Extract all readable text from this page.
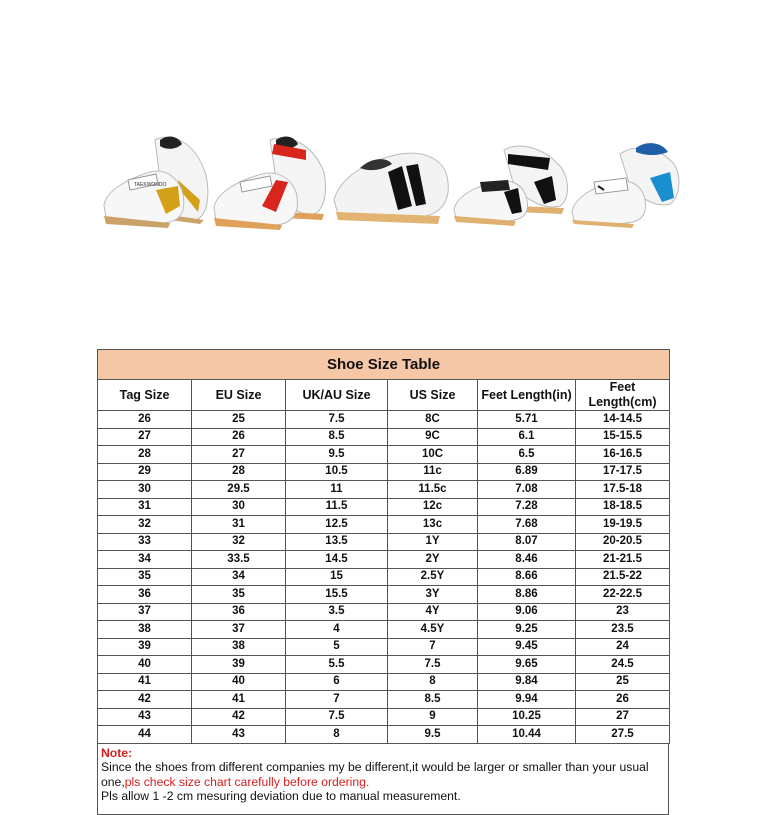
TAEKWONDO
Shoe Size Table					
Tag Size	EU Size	UK/AU Size	US Size	Feet Length(in)	Feet Length(cm)
26	25	7.5	8C	5.71	14-14.5
27	26	8.5	9C	6.1	15-15.5
28	27	9.5	10C	6.5	16-16.5
29	28	10.5	11c	6.89	17-17.5
30	29.5	11	11.5c	7.08	17.5-18
31	30	11.5	12c	7.28	18-18.5
32	31	12.5	13c	7.68	19-19.5
33	32	13.5	1Y	8.07	20-20.5
34	33.5	14.5	2Y	8.46	21-21.5
35	34	15	2.5Y	8.66	21.5-22
36	35	15.5	3Y	8.86	22-22.5
37	36	3.5	4Y	9.06	23
38	37	4	4.5Y	9.25	23.5
39	38	5	7	9.45	24
40	39	5.5	7.5	9.65	24.5
41	40	6	8	9.84	25
42	41	7	8.5	9.94	26
43	42	7.5	9	10.25	27
44	43	8	9.5	10.44	27.5
Note:
Since the shoes from different companies my be different,it would be larger or smaller than your usual
one,pls check size chart carefully before ordering.
Pls allow 1 -2 cm mesuring deviation due to manual measurement.
